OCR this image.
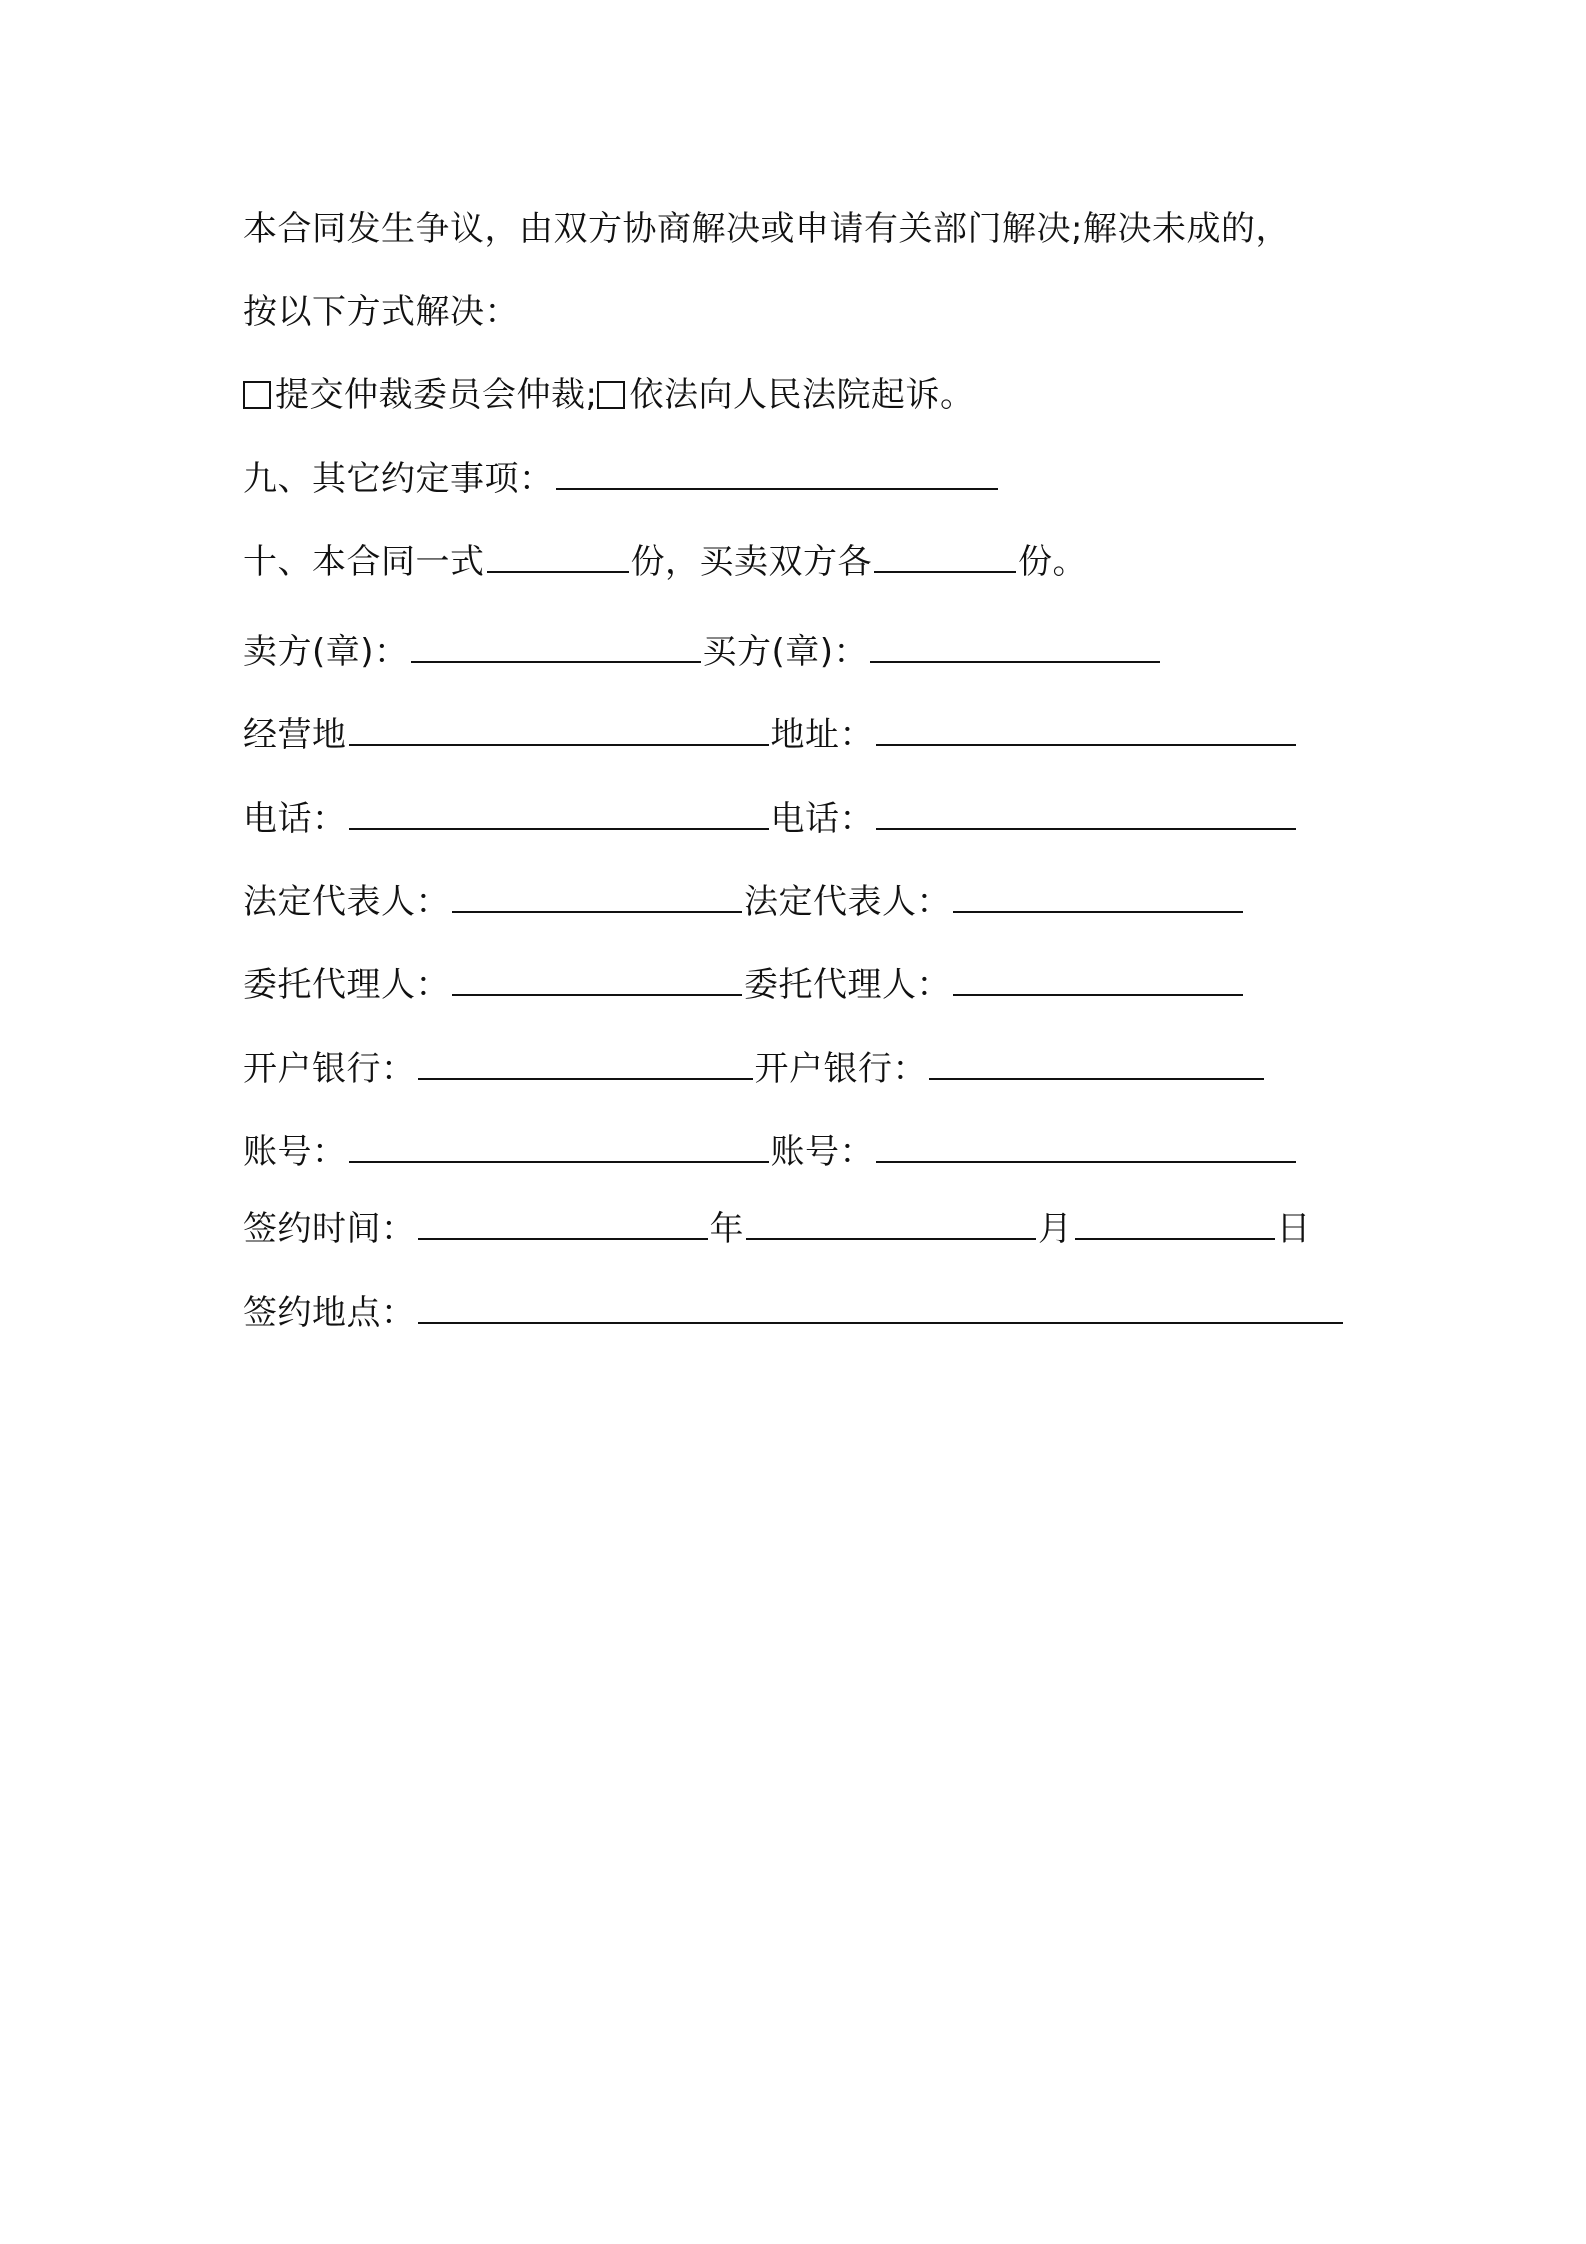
本合同发生争议，由双方协商解决或申请有关部门解决;解决未成的，
按以下方式解决：
提交仲裁委员会仲裁; 依法向人民法院起诉。
九、其它约定事项：
十、本合同一式	份，买卖双方各	份。
卖方(章)：	买方(章)：
经营地	地址：
电话：	电话：
法定代表人：	法定代表人：
委托代理人：	委托代理人：
开户银行：	开户银行：
账号：	账号：
签约时间：	年	月	日
签约地点：
